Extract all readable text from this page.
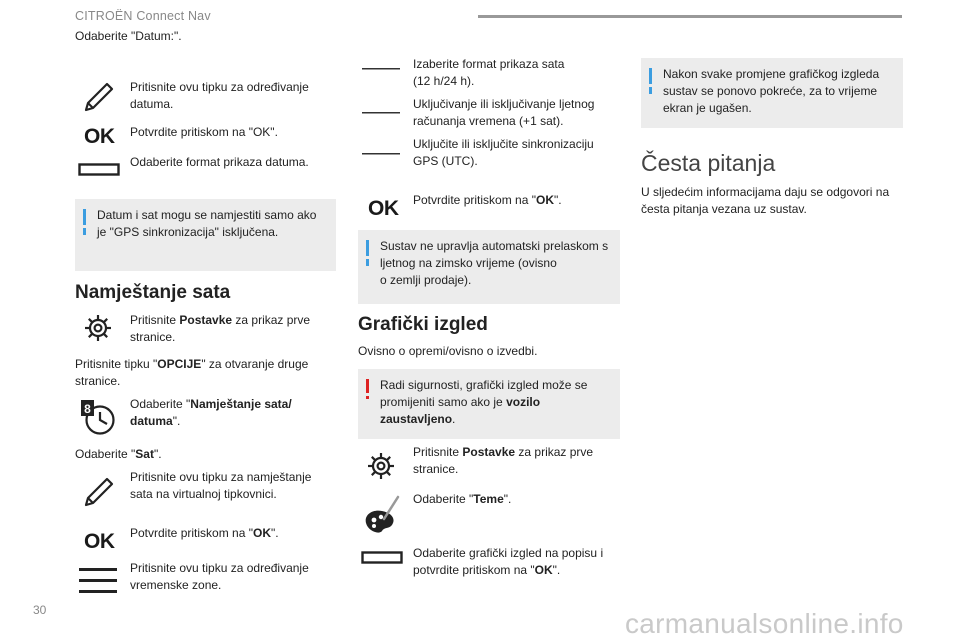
CITROËN Connect Nav
Odaberite "Datum:".
Pritisnite ovu tipku za određivanje datuma.
OK Potvrdite pritiskom na "OK".
Odaberite format prikaza datuma.
Datum i sat mogu se namjestiti samo ako je "GPS sinkronizacija" isključena.
Namještanje sata
Pritisnite Postavke za prikaz prve stranice.
Pritisnite tipku "OPCIJE" za otvaranje druge stranice.
8	Odaberite "Namještanje sata/ datuma".
Odaberite "Sat".
Pritisnite ovu tipku za namještanje sata na virtualnoj tipkovnici.
OK Potvrdite pritiskom na "OK".
Pritisnite ovu tipku za određivanje vremenske zone.
Izaberite format prikaza sata
(12 h/24 h).
Uključivanje ili isključivanje ljetnog računanja vremena (+1 sat).
Uključite ili isključite sinkronizaciju GPS (UTC).
OK Potvrdite pritiskom na "OK".
Sustav ne upravlja automatski prelaskom s ljetnog na zimsko vrijeme (ovisno
o zemlji prodaje).
Grafički izgled
Ovisno o opremi/ovisno o izvedbi.
Radi sigurnosti, grafički izgled može se promijeniti samo ako je vozilo zaustavljeno.
Pritisnite Postavke za prikaz prve stranice.
Odaberite "Teme".
Odaberite grafički izgled na popisu i potvrdite pritiskom na "OK".
Nakon svake promjene grafičkog izgleda sustav se ponovo pokreće, za to vrijeme ekran je ugašen.
Česta pitanja
U sljedećim informacijama daju se odgovori na česta pitanja vezana uz sustav.
30	carmanualsonline.info
